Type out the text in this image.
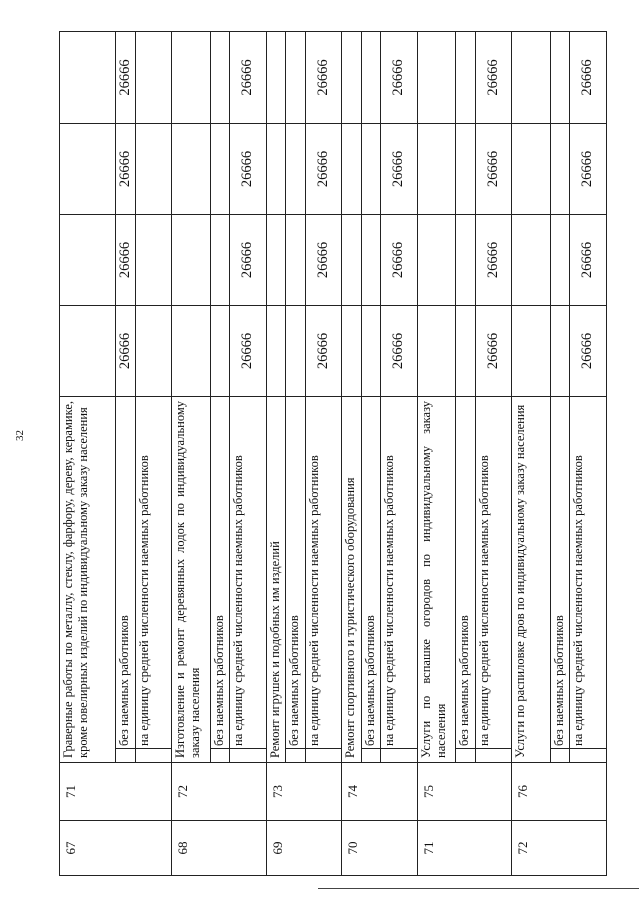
32
67	71	Граверные работы по металлу, стеклу, фарфору, дереву, керамике, кроме ювелирных изделий по индивидуальному заказу населения					
			без наемных работников	26666	26666	26666	26666
			на единицу средней численности наемных работников				
68	72	Изготовление и ремонт деревянных лодок по индивидуальному заказу населения					
			без наемных работников				
			на единицу средней численности наемных работников	26666	26666	26666	26666
69	73	Ремонт игрушек и подобных им изделий					
			без наемных работников				
			на единицу средней численности наемных работников	26666	26666	26666	26666
70	74	Ремонт спортивного и туристического оборудования					
			без наемных работников				
			на единицу средней численности наемных работников	26666	26666	26666	26666
71	75	Услуги по вспашке огородов по индивидуальному заказу населения					
			без наемных работников				
			на единицу средней численности наемных работников	26666	26666	26666	26666
72	76	Услуги по распиловке дров по индивидуальному заказу населения					
			без наемных работников				
			на единицу средней численности наемных работников	26666	26666	26666	26666
